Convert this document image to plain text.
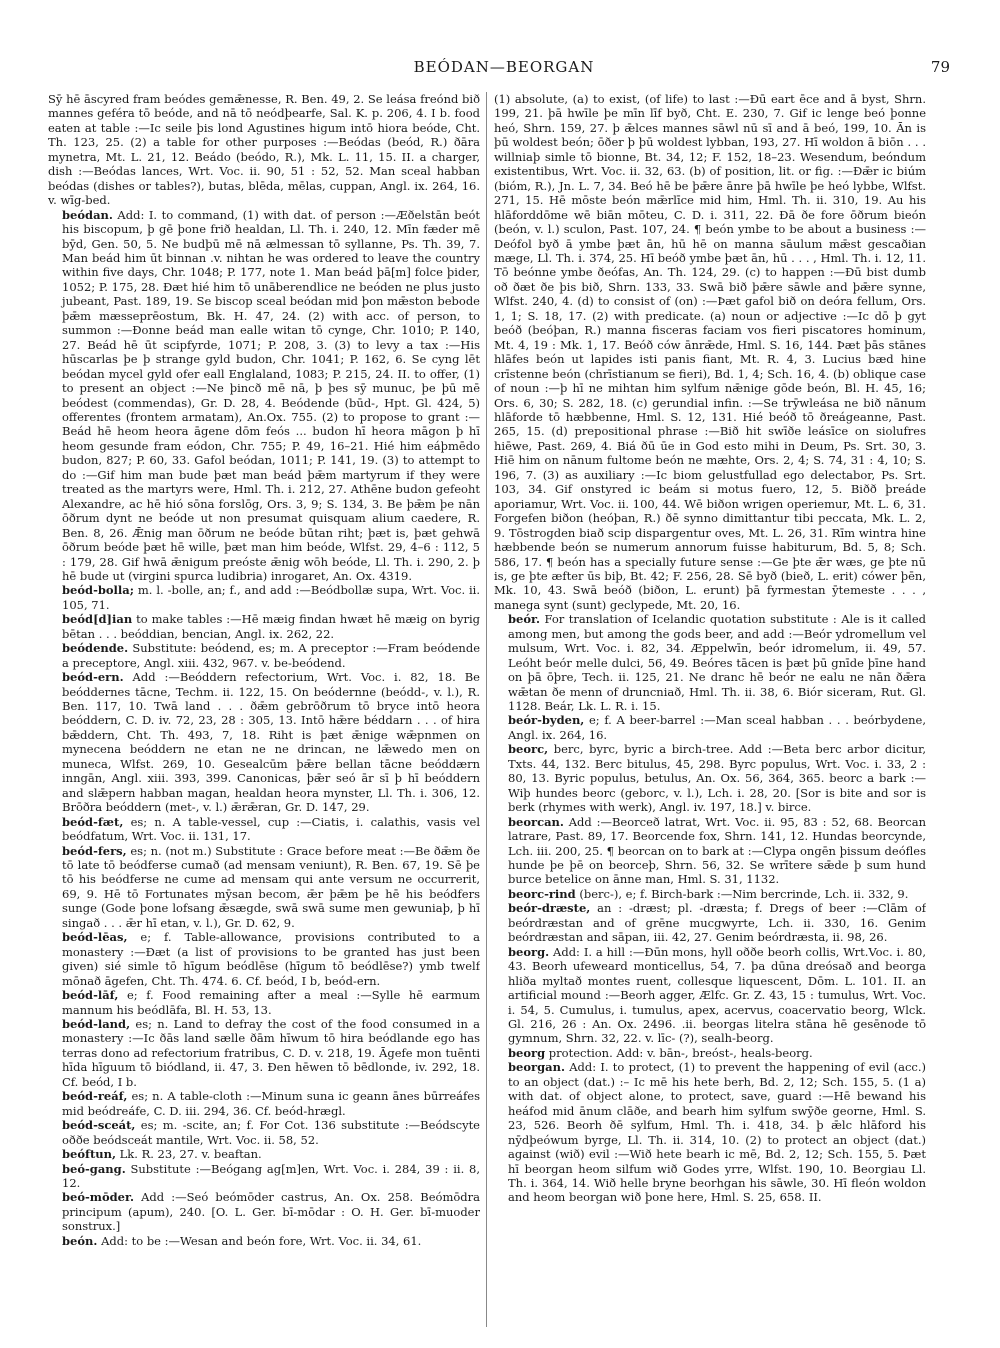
BEÓDAN—BEORGAN	79

Sȳ hē āscyred fram beódes gemǣnesse, R. Ben. 49, 2. Se leása freónd bið mannes geféra tō beóde, and nā tō neódþearfe, Sal. K. p. 206, 4. I b. food eaten at table :—Ic seile þis lond Agustines higum intō hiora beóde, Cht. Th. 123, 25. (2) a table for other purposes :—Beódas (beód, R.) ðāra mynetra, Mt. L. 21, 12. Beádo (beódo, R.), Mk. L. 11, 15. II. a charger, dish :—Beódas lances, Wrt. Voc. ii. 90, 51 : 52, 52. Man sceal habban beódas (dishes or tables?), butas, blēda, mēlas, cuppan, Angl. ix. 264, 16. v. wīg-bed.

beódan. Add: I. to command, (1) with dat. of person :—Æðelstān beót his biscopum, þ gē þone frið healdan, Ll. Th. i. 240, 12. Mīn fæder mē bȳd, Gen. 50, 5. Ne budþū mē nā ælmessan tō syllanne, Ps. Th. 39, 7. Man beád him ūt binnan .v. nihtan he was ordered to leave the country within five days, Chr. 1048; P. 177, note 1. Man beád þā[m] folce þider, 1052; P. 175, 28. Ðæt hié him tō unāberendlice ne beóden ne plus justo jubeant, Past. 189, 19. Se biscop sceal beódan mid þon mǣston bebode þǣm mæsseprēostum, Bk. H. 47, 24. (2) with acc. of person, to summon :—Ðonne beád man ealle witan tō cynge, Chr. 1010; P. 140, 27. Beád hē ūt scipfyrde, 1071; P. 208, 3. (3) to levy a tax :—His hūscarlas þe þ strange gyld budon, Chr. 1041; P. 162, 6. Se cyng lēt beódan mycel gyld ofer eall Englaland, 1083; P. 215, 24. II. to offer, (1) to present an object :—Ne þincð mē nā, þ þes sȳ munuc, þe þū mē beódest (commendas), Gr. D. 28, 4. Beódende (būd-, Hpt. Gl. 424, 5) offerentes (frontem armatam), An.Ox. 755. (2) to propose to grant :—Beád hē heom heora āgene dōm feós ... budon hī heora māgon þ hī heom gesunde fram eódon, Chr. 755; P. 49, 16–21. Hié him eáþmēdo budon, 827; P. 60, 33. Gafol beódan, 1011; P. 141, 19. (3) to attempt to do :—Gif him man bude þæt man beád þǣm martyrum if they were treated as the martyrs were, Hml. Th. i. 212, 27. Athēne budon gefeoht Alexandre, ac hē hió sōna forslōg, Ors. 3, 9; S. 134, 3. Be þǣm þe nān ōðrum dynt ne beóde ut non presumat quisquam alium caedere, R. Ben. 8, 26. Ǣnig man ōðrum ne beóde būtan riht; þæt is, þæt gehwā ōðrum beóde þæt hē wille, þæt man him beóde, Wlfst. 29, 4–6 : 112, 5 : 179, 28. Gif hwā ǣnigum preóste ǣnig wōh beóde, Ll. Th. i. 290, 2. þ hē bude ut (virgini spurca ludibria) inrogaret, An. Ox. 4319.

beód-bolla; m. l. -bolle, an; f., and add :—Beódbollæ supa, Wrt. Voc. ii. 105, 71.

beód[d]ian to make tables :—Hē mæig findan hwæt hē mæig on byrig bētan . . . beóddian, bencian, Angl. ix. 262, 22.

beódende. Substitute: beódend, es; m. A preceptor :—Fram beódende a preceptore, Angl. xiii. 432, 967. v. be-beódend.

beód-ern. Add :—Beóddern refectorium, Wrt. Voc. i. 82, 18. Be beóddernes tācne, Techm. ii. 122, 15. On beódernne (beódd-, v. l.), R. Ben. 117, 10. Twā land . . . ðǣm gebrōðrum tō bryce intō heora beóddern, C. D. iv. 72, 23, 28 : 305, 13. Intō hǣre béddarn . . . of hira bǣddern, Cht. Th. 493, 7, 18. Riht is þæt ǣnige wǣpnmen on mynecena beóddern ne etan ne ne drincan, ne lǣwedo men on muneca, Wlfst. 269, 10. Gesealcūm þǣre bellan tācne beóddærn inngān, Angl. xiii. 393, 399. Canonicas, þǣr seó ār sī þ hī beóddern and slǣpern habban magan, healdan heora mynster, Ll. Th. i. 306, 12. Brōðra beóddern (met-, v. l.) ǣrǣran, Gr. D. 147, 29.

beód-fæt, es; n. A table-vessel, cup :—Ciatis, i. calathis, vasis vel beódfatum, Wrt. Voc. ii. 131, 17.

beód-fers, es; n. (not m.) Substitute : Grace before meat :—Be ðǣm ðe tō late tō beódferse cumað (ad mensam veniunt), R. Ben. 67, 19. Sē þe tō his beódferse ne cume ad mensam qui ante versum ne occurrerit, 69, 9. Hē tō Fortunates mȳsan becom, ǣr þǣm þe hē his beódfers sunge (Gode þone lofsang ǣsægde, swā swā sume men gewuniaþ, þ hī singað . . . ǣr hī etan, v. l.), Gr. D. 62, 9.

beód-lēas, e; f. Table-allowance, provisions contributed to a monastery :—Ðæt (a list of provisions to be granted has just been given) sié simle tō hīgum beódlēse (hīgum tō beódlēse?) ymb twelf mōnað āgefen, Cht. Th. 474. 6. Cf. beód, I b, beód-ern.

beód-lāf, e; f. Food remaining after a meal :—Sylle hē earmum mannum his beódlāfa, Bl. H. 53, 13.

beód-land, es; n. Land to defray the cost of the food consumed in a monastery :—Ic ðās land sælle ðām hīwum tō hira beódlande ego has terras dono ad refectorium fratribus, C. D. v. 218, 19. Āgefe mon tuēnti hīda hīguum tō biódland, ii. 47, 3. Ðen hēwen tō bēdlonde, iv. 292, 18. Cf. beód, I b.

beód-reáf, es; n. A table-cloth :—Minum suna ic geann ānes būrreáfes mid beódreáfe, C. D. iii. 294, 36. Cf. beód-hrægl.

beód-sceát, es; m. -scite, an; f. For Cot. 136 substitute :—Beódscyte oððe beódsceát mantile, Wrt. Voc. ii. 58, 52.

beóftun, Lk. R. 23, 27. v. beaftan.

beó-gang. Substitute :—Beógang ag[m]en, Wrt. Voc. i. 284, 39 : ii. 8, 12.

beó-mōder. Add :—Seó beómōder castrus, An. Ox. 258. Beómōdra principum (apum), 240. [O. L. Ger. bī-mōdar : O. H. Ger. bī-muoder sonstrux.]

beón. Add: to be :—Wesan and beón fore, Wrt. Voc. ii. 34, 61.

(1) absolute, (a) to exist, (of life) to last :—Ðū eart ēce and ā byst, Shrn. 199, 21. þā hwīle þe mīn līf byð, Cht. E. 230, 7. Gif ic lenge beó þonne heó, Shrn. 159, 27. þ ǣlces mannes sāwl nū sī and ā beó, 199, 10. Ān is þū woldest beón; ōðer þ þū woldest lybban, 193, 27. Hī woldon ā biōn . . . willniaþ simle tō bionne, Bt. 34, 12; F. 152, 18–23. Wesendum, beóndum existentibus, Wrt. Voc. ii. 32, 63. (b) of position, lit. or fig. :—Ðǣr ic biúm (bióm, R.), Jn. L. 7, 34. Beó hē be þǣre ānre þā hwīle þe heó lybbe, Wlfst. 271, 15. Hē mōste beón mǣrlīce mid him, Hml. Th. ii. 310, 19. Au his hlāforddōme wē biān mōteu, C. D. i. 311, 22. Ðā ðe fore ōðrum bieón (beón, v. l.) sculon, Past. 107, 24. ¶ beón ymbe to be about a business :—Deófol byð ā ymbe þæt ān, hū hē on manna sāulum mǣst gescaðian mæge, Ll. Th. i. 374, 25. Hī beóð ymbe þæt ān, hū . . . , Hml. Th. i. 12, 11. Tō beónne ymbe ðeófas, An. Th. 124, 29. (c) to happen :—Ðū bist dumb oð ðæt ðe þis bið, Shrn. 133, 33. Swā bið þǣre sāwle and þǣre synne, Wlfst. 240, 4. (d) to consist of (on) :—Þæt gafol bið on deóra fellum, Ors. 1, 1; S. 18, 17. (2) with predicate. (a) noun or adjective :—Ic dō þ gyt beóð (beóþan, R.) manna fisceras faciam vos fieri piscatores hominum, Mt. 4, 19 : Mk. 1, 17. Beóð ców ānrǣde, Hml. S. 16, 144. Þæt þās stānes hlāfes beón ut lapides isti panis fiant, Mt. R. 4, 3. Lucius bæd hine crīstenne beón (chrīstianum se fieri), Bd. 1, 4; Sch. 16, 4. (b) oblique case of noun :—þ hī ne mihtan him sylfum nǣnige gōde beón, Bl. H. 45, 16; Ors. 6, 30; S. 282, 18. (c) gerundial infin. :—Se trȳwleása ne bið nānum hlāforde tō hæbbenne, Hml. S. 12, 131. Hié beóð tō ðreágeanne, Past. 265, 15. (d) prepositional phrase :—Bið hit swīðe leásīce on siolufres hiēwe, Past. 269, 4. Biá ðū ūe in God esto mihi in Deum, Ps. Srt. 30, 3. Hiē him on nānum fultome beón ne mæhte, Ors. 2, 4; S. 74, 31 : 4, 10; S. 196, 7. (3) as auxiliary :—Ic biom gelustfullad ego delectabor, Ps. Srt. 103, 34. Gif onstyred ic beám si motus fuero, 12, 5. Biðð þreáde aporiamur, Wrt. Voc. ii. 100, 44. Wē biðon wrigen operiemur, Mt. L. 6, 31. Forgefen biðon (heóþan, R.) ðē synno dimittantur tibi peccata, Mk. L. 2, 9. Tōstrogden biað scip dispargentur oves, Mt. L. 26, 31. Rīm wintra hine hæbbende beón se numerum annorum fuisse habiturum, Bd. 5, 8; Sch. 586, 17. ¶ beón has a specially future sense :—Ge þte ǣr wæs, ge þte nū is, ge þte æfter ūs biþ, Bt. 42; F. 256, 28. Sē byð (bieð, L. erit) cówer þēn, Mk. 10, 43. Swā beóð (biðon, L. erunt) þā fyrmestan ȳtemeste . . . , manega synt (sunt) geclypede, Mt. 20, 16.

beór. For translation of Icelandic quotation substitute : Ale is it called among men, but among the gods beer, and add :—Beór ydromellum vel mulsum, Wrt. Voc. i. 82, 34. Æppelwīn, beór idromelum, ii. 49, 57. Leóht beór melle dulci, 56, 49. Beóres tācen is þæt þū gnīde þīne hand on þā ōþre, Tech. ii. 125, 21. Ne dranc hē beór ne ealu ne nān ðǣra wǣtan ðe menn of druncniað, Hml. Th. ii. 38, 6. Biór siceram, Rut. Gl. 1128. Beár, Lk. L. R. i. 15.

beór-byden, e; f. A beer-barrel :—Man sceal habban . . . beórbydene, Angl. ix. 264, 16.

beorc, berc, byrc, byric a birch-tree. Add :—Beta berc arbor dicitur, Txts. 44, 132. Berc bitulus, 45, 298. Byrc populus, Wrt. Voc. i. 33, 2 : 80, 13. Byric populus, betulus, An. Ox. 56, 364, 365. beorc a bark :—Wiþ hundes beorc (geborc, v. l.), Lch. i. 28, 20. [Sor is bite and sor is berk (rhymes with werk), Angl. iv. 197, 18.] v. birce.

beorcan. Add :—Beorceð latrat, Wrt. Voc. ii. 95, 83 : 52, 68. Beorcan latrare, Past. 89, 17. Beorcende fox, Shrn. 141, 12. Hundas beorcynde, Lch. iii. 200, 25. ¶ beorcan on to bark at :—Clypa ongēn þissum deófles hunde þe þē on beorceþ, Shrn. 56, 32. Se wrītere sǣde þ sum hund burce betelice on ānne man, Hml. S. 31, 1132.

beorc-rind (berc-), e; f. Birch-bark :—Nim bercrinde, Lch. ii. 332, 9.

beór-dræste, an : -dræst; pl. -dræsta; f. Dregs of beer :—Clām of beórdræstan and of grēne mucgwyrte, Lch. ii. 330, 16. Genim beórdræstan and sāpan, iii. 42, 27. Genim beórdræsta, ii. 98, 26.

beorg. Add: I. a hill :—Ðūn mons, hyll oððe beorh collis, Wrt.Voc. i. 80, 43. Beorh ufeweard monticellus, 54, 7. þa dūna dreósað and beorga hliða myltað montes ruent, collesque liquescent, Dōm. L. 101. II. an artificial mound :—Beorh agger, Ælfc. Gr. Z. 43, 15 : tumulus, Wrt. Voc. i. 54, 5. Cumulus, i. tumulus, apex, acervus, coacervatio beorg, Wlck. Gl. 216, 26 : An. Ox. 2496. .ii. beorgas litelra stāna hē gesēnode tō gymnum, Shrn. 32, 22. v. līc- (?), sealh-beorg.

beorg protection. Add: v. bān-, breóst-, heals-beorg.

beorgan. Add: I. to protect, (1) to prevent the happening of evil (acc.) to an object (dat.) :– Ic mē his hete berh, Bd. 2, 12; Sch. 155, 5. (1 a) with dat. of object alone, to protect, save, guard :—Hē bewand his heáfod mid ānum clāðe, and bearh him sylfum swȳðe georne, Hml. S. 23, 526. Beorh ðē sylfum, Hml. Th. i. 418, 34. þ ǣlc hlāford his nȳdþeówum byrge, Ll. Th. ii. 314, 10. (2) to protect an object (dat.) against (wið) evil :—Wið hete bearh ic mē, Bd. 2, 12; Sch. 155, 5. Þæt hī beorgan heom silfum wið Godes yrre, Wlfst. 190, 10. Beorgiau Ll. Th. i. 364, 14. Wið helle bryne beorhgan his sāwle, 30. Hī fleón woldon and heom beorgan wið þone here, Hml. S. 25, 658. II.
